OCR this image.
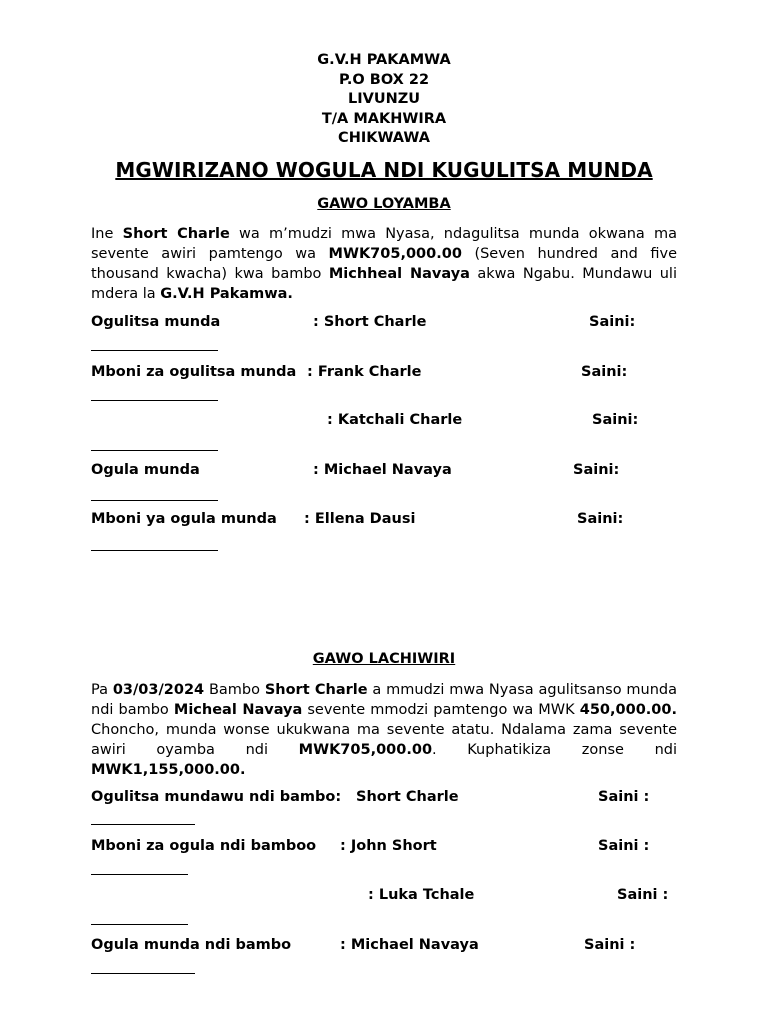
G.V.H PAKAMWA
P.O BOX 22
LIVUNZU
T/A MAKHWIRA
CHIKWAWA
MGWIRIZANO WOGULA NDI KUGULITSA MUNDA
GAWO LOYAMBA
Ine Short Charle wa m’mudzi mwa Nyasa, ndagulitsa munda okwana ma sevente awiri pamtengo wa MWK705,000.00 (Seven hundred and five thousand kwacha) kwa bambo Michheal Navaya akwa Ngabu. Mundawu uli mdera la G.V.H Pakamwa.
Ogulitsa munda	: Short Charle	Saini:
Mboni za ogulitsa munda : Frank Charle	Saini:
: Katchali Charle	Saini:
Ogula munda	: Michael Navaya	Saini:
Mboni ya ogula munda : Ellena Dausi	Saini:
GAWO LACHIWIRI
Pa 03/03/2024 Bambo Short Charle a mmudzi mwa Nyasa agulitsanso munda ndi bambo Micheal Navaya sevente mmodzi pamtengo wa MWK 450,000.00. Choncho, munda wonse ukukwana ma sevente atatu. Ndalama zama sevente awiri oyamba ndi MWK705,000.00. Kuphatikiza zonse ndi MWK1,155,000.00.
Ogulitsa mundawu ndi bambo: Short Charle	Saini :
Mboni za ogula ndi bamboo : John Short	Saini :
: Luka Tchale	Saini :
Ogula munda ndi bambo	: Michael Navaya	Saini :
